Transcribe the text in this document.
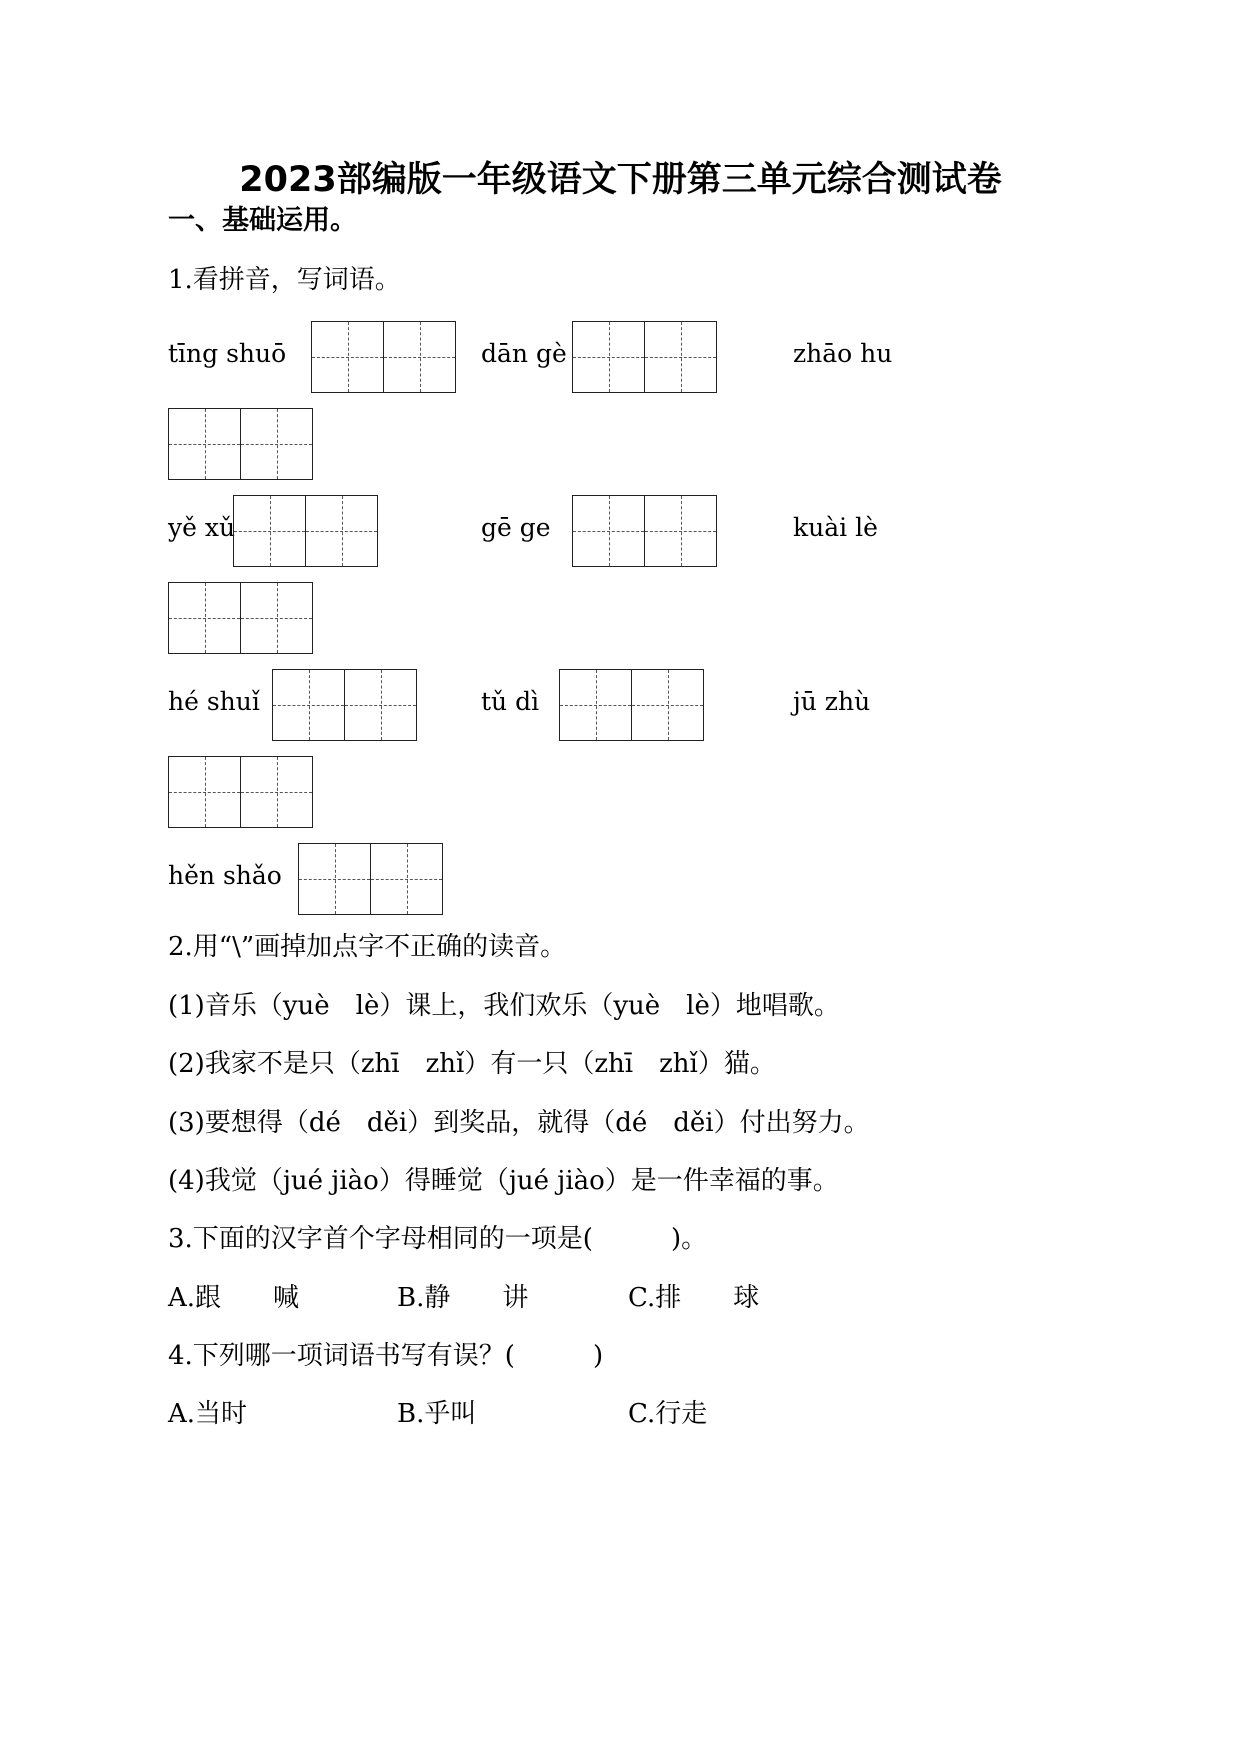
2023部编版一年级语文下册第三单元综合测试卷
一、基础运用。
1.看拼音，写词语。
tīng shuō	dān gè	zhāo hu
yě xǔ	gē ge	kuài lè
hé shuǐ	tǔ dì	jū zhù
hěn shǎo
2.用“\”画掉加点字不正确的读音。
(1)音乐（yuè　lè）课上，我们欢乐（yuè　lè）地唱歌。
(2)我家不是只（zhī　zhǐ）有一只（zhī　zhǐ）猫。
(3)要想得（dé　děi）到奖品，就得（dé　děi）付出努力。
(4)我觉（jué jiào）得睡觉（jué jiào）是一件幸福的事。
3.下面的汉字首个字母相同的一项是(　　　)。
A.跟　　喊	B.静　　讲	C.排　　球
4.下列哪一项词语书写有误？(　　　)
A.当时	B.乎叫	C.行走
